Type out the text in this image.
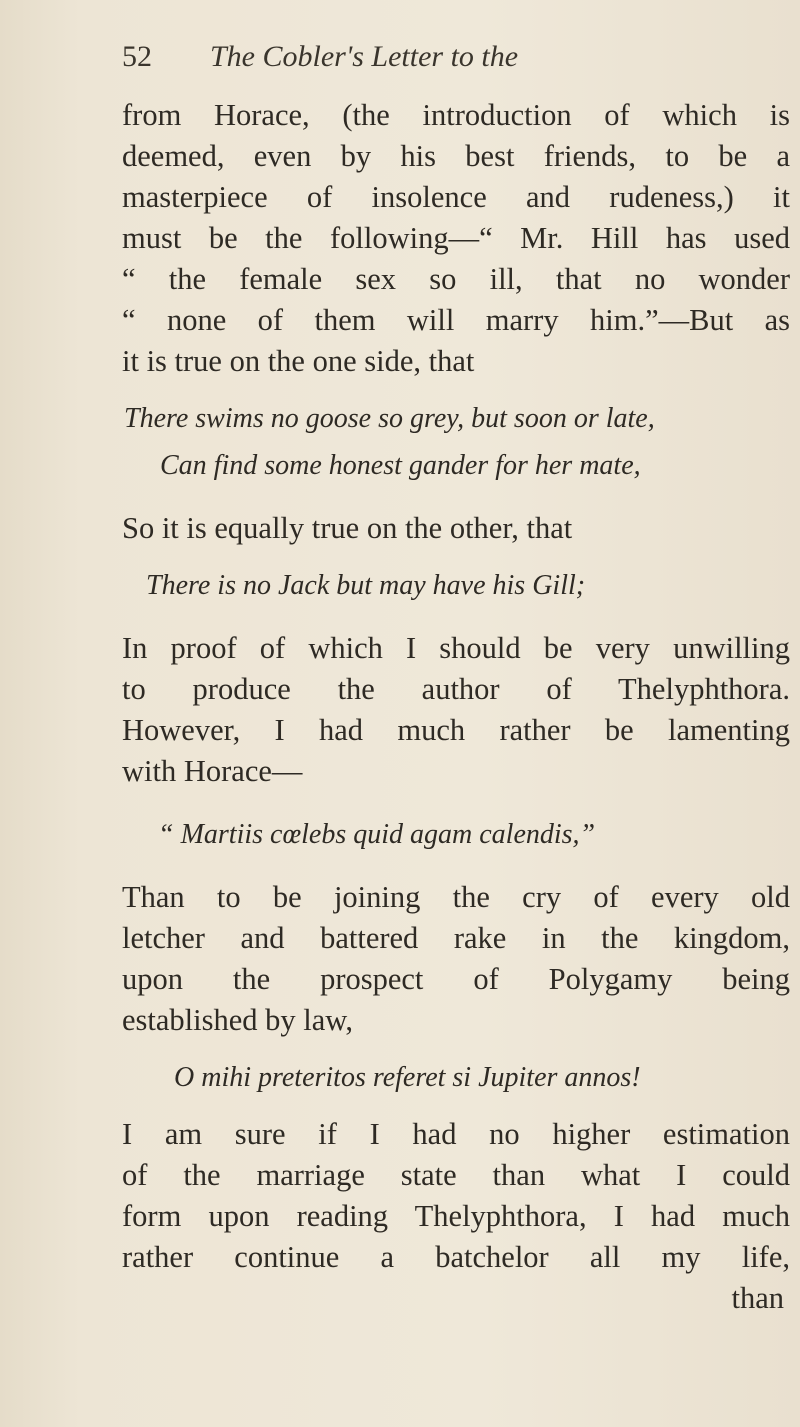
52 The Cobler's Letter to the
from Horace, (the introduction of which is
deemed, even by his best friends, to be a
masterpiece of insolence and rudeness,) it
must be the following—“ Mr. Hill has used
“ the female sex so ill, that no wonder
“ none of them will marry him.”—But as
it is true on the one side, that
There swims no goose so grey, but soon or late,
Can find some honest gander for her mate,
So it is equally true on the other, that
There is no Jack but may have his Gill;
In proof of which I should be very unwilling
to produce the author of Thelyphthora.
However, I had much rather be lamenting
with Horace—
“ Martiis cœlebs quid agam calendis,”
Than to be joining the cry of every old
letcher and battered rake in the kingdom,
upon the prospect of Polygamy being
established by law,
O mihi preteritos referet si Jupiter annos!
I am sure if I had no higher estimation
of the marriage state than what I could
form upon reading Thelyphthora, I had much
rather continue a batchelor all my life,
than
